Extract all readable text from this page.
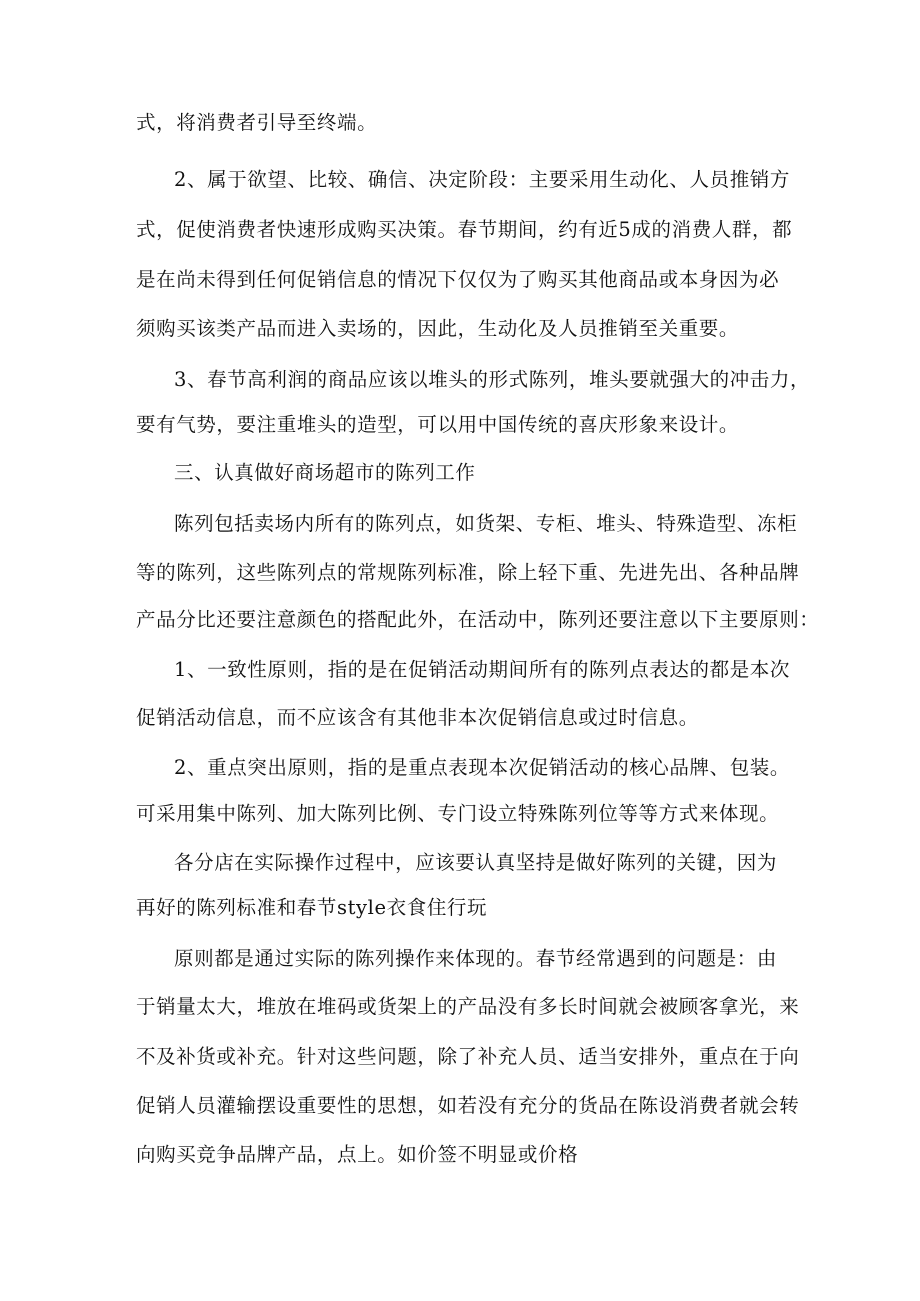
式，将消费者引导至终端。
2、属于欲望、比较、确信、决定阶段：主要采用生动化、人员推销方
式，促使消费者快速形成购买决策。春节期间，约有近5成的消费人群，都
是在尚未得到任何促销信息的情况下仅仅为了购买其他商品或本身因为必
须购买该类产品而进入卖场的，因此，生动化及人员推销至关重要。
3、春节高利润的商品应该以堆头的形式陈列，堆头要就强大的冲击力，
要有气势，要注重堆头的造型，可以用中国传统的喜庆形象来设计。
三、认真做好商场超市的陈列工作
陈列包括卖场内所有的陈列点，如货架、专柜、堆头、特殊造型、冻柜
等的陈列，这些陈列点的常规陈列标准，除上轻下重、先进先出、各种品牌
产品分比还要注意颜色的搭配此外，在活动中，陈列还要注意以下主要原则：
1、一致性原则，指的是在促销活动期间所有的陈列点表达的都是本次
促销活动信息，而不应该含有其他非本次促销信息或过时信息。
2、重点突出原则，指的是重点表现本次促销活动的核心品牌、包装。
可采用集中陈列、加大陈列比例、专门设立特殊陈列位等等方式来体现。
各分店在实际操作过程中，应该要认真坚持是做好陈列的关键，因为
再好的陈列标准和春节style衣食住行玩
原则都是通过实际的陈列操作来体现的。春节经常遇到的问题是：由
于销量太大，堆放在堆码或货架上的产品没有多长时间就会被顾客拿光，来
不及补货或补充。针对这些问题，除了补充人员、适当安排外，重点在于向
促销人员灌输摆设重要性的思想，如若没有充分的货品在陈设消费者就会转
向购买竞争品牌产品，点上。如价签不明显或价格
